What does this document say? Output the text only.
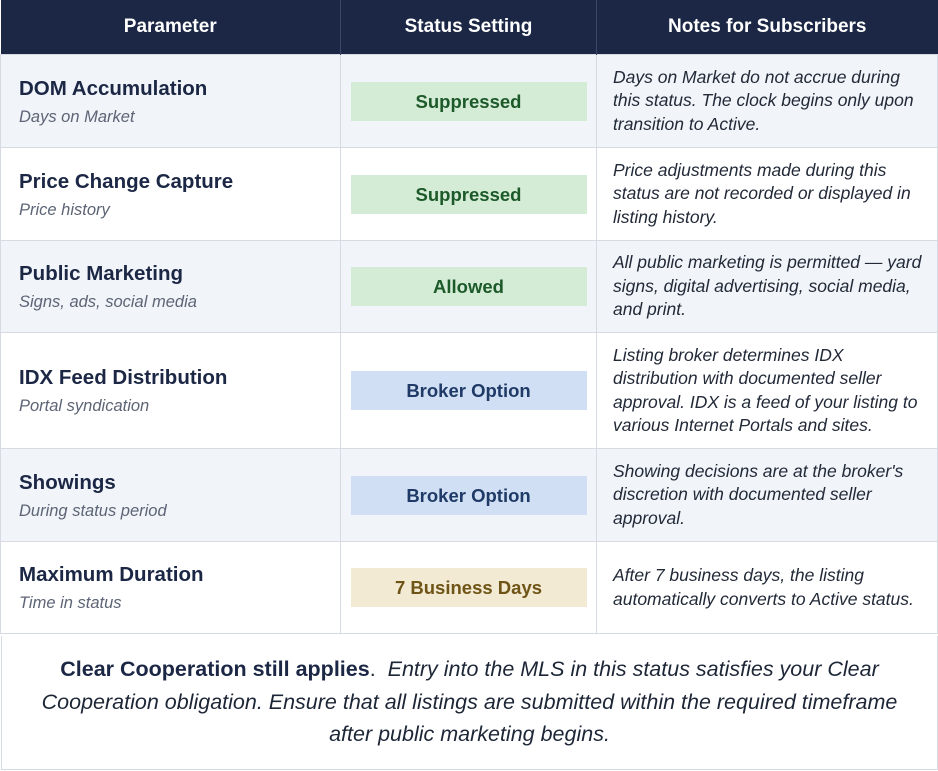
Parameter	Status Setting	Notes for Subscribers

DOM Accumulation
Days on Market	Suppressed	Days on Market do not accrue during this status. The clock begins only upon transition to Active.

Price Change Capture
Price history	Suppressed	Price adjustments made during this status are not recorded or displayed in listing history.

Public Marketing
Signs, ads, social media	Allowed	All public marketing is permitted — yard signs, digital advertising, social media, and print.

IDX Feed Distribution
Portal syndication	Broker Option	Listing broker determines IDX distribution with documented seller approval. IDX is a feed of your listing to various Internet Portals and sites.

Showings
During status period	Broker Option	Showing decisions are at the broker's discretion with documented seller approval.

Maximum Duration
Time in status	7 Business Days	After 7 business days, the listing automatically converts to Active status.

Clear Cooperation still applies.  Entry into the MLS in this status satisfies your Clear Cooperation obligation. Ensure that all listings are submitted within the required timeframe after public marketing begins.
